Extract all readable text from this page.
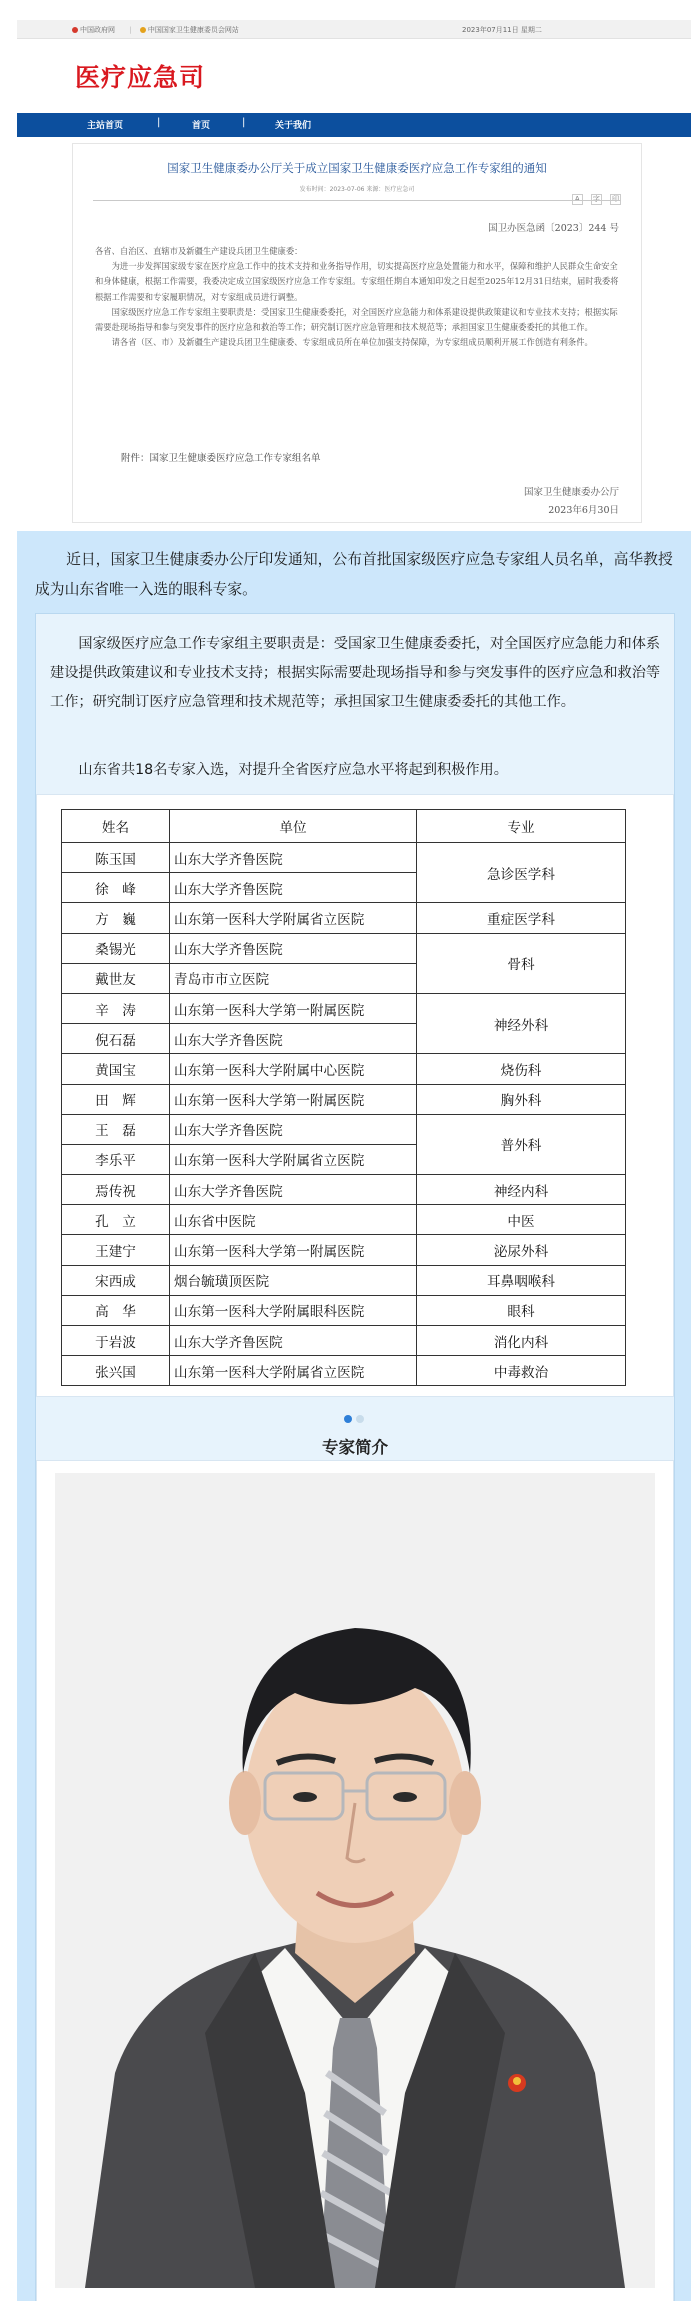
中国政府网 | 中国国家卫生健康委员会网站	2023年07月11日 星期二
医疗应急司
主站首页	|	首页	|	关于我们
国家卫生健康委办公厅关于成立国家卫生健康委医疗应急工作专家组的通知
发布时间：2023-07-06 来源：医疗应急司
A 字 印
国卫办医急函〔2023〕244 号

各省、自治区、直辖市及新疆生产建设兵团卫生健康委：

为进一步发挥国家级专家在医疗应急工作中的技术支持和业务指导作用，切实提高医疗应急处置能力和水平，保障和维护人民群众生命安全和身体健康，根据工作需要，我委决定成立国家级医疗应急工作专家组。专家组任期自本通知印发之日起至2025年12月31日结束，届时我委将根据工作需要和专家履职情况，对专家组成员进行调整。

国家级医疗应急工作专家组主要职责是：受国家卫生健康委委托，对全国医疗应急能力和体系建设提供政策建议和专业技术支持；根据实际需要赴现场指导和参与突发事件的医疗应急和救治等工作；研究制订医疗应急管理和技术规范等；承担国家卫生健康委委托的其他工作。

请各省（区、市）及新疆生产建设兵团卫生健康委、专家组成员所在单位加强支持保障，为专家组成员顺利开展工作创造有利条件。

附件：国家卫生健康委医疗应急工作专家组名单
国家卫生健康委办公厅
2023年6月30日
近日，国家卫生健康委办公厅印发通知，公布首批国家级医疗应急专家组人员名单，高华教授成为山东省唯一入选的眼科专家。
国家级医疗应急工作专家组主要职责是：受国家卫生健康委委托，对全国医疗应急能力和体系建设提供政策建议和专业技术支持；根据实际需要赴现场指导和参与突发事件的医疗应急和救治等工作；研究制订医疗应急管理和技术规范等；承担国家卫生健康委委托的其他工作。
山东省共18名专家入选，对提升全省医疗应急水平将起到积极作用。
姓名	单位	专业
陈玉国	山东大学齐鲁医院	急诊医学科
徐　峰	山东大学齐鲁医院	
方　巍	山东第一医科大学附属省立医院	重症医学科
桑锡光	山东大学齐鲁医院	骨科
戴世友	青岛市市立医院	
辛　涛	山东第一医科大学第一附属医院	神经外科
倪石磊	山东大学齐鲁医院	
黄国宝	山东第一医科大学附属中心医院	烧伤科
田　辉	山东第一医科大学第一附属医院	胸外科
王　磊	山东大学齐鲁医院	普外科
李乐平	山东第一医科大学附属省立医院	
焉传祝	山东大学齐鲁医院	神经内科
孔　立	山东省中医院	中医
王建宁	山东第一医科大学第一附属医院	泌尿外科
宋西成	烟台毓璜顶医院	耳鼻咽喉科
高　华	山东第一医科大学附属眼科医院	眼科
于岩波	山东大学齐鲁医院	消化内科
张兴国	山东第一医科大学附属省立医院	中毒救治
专家简介
